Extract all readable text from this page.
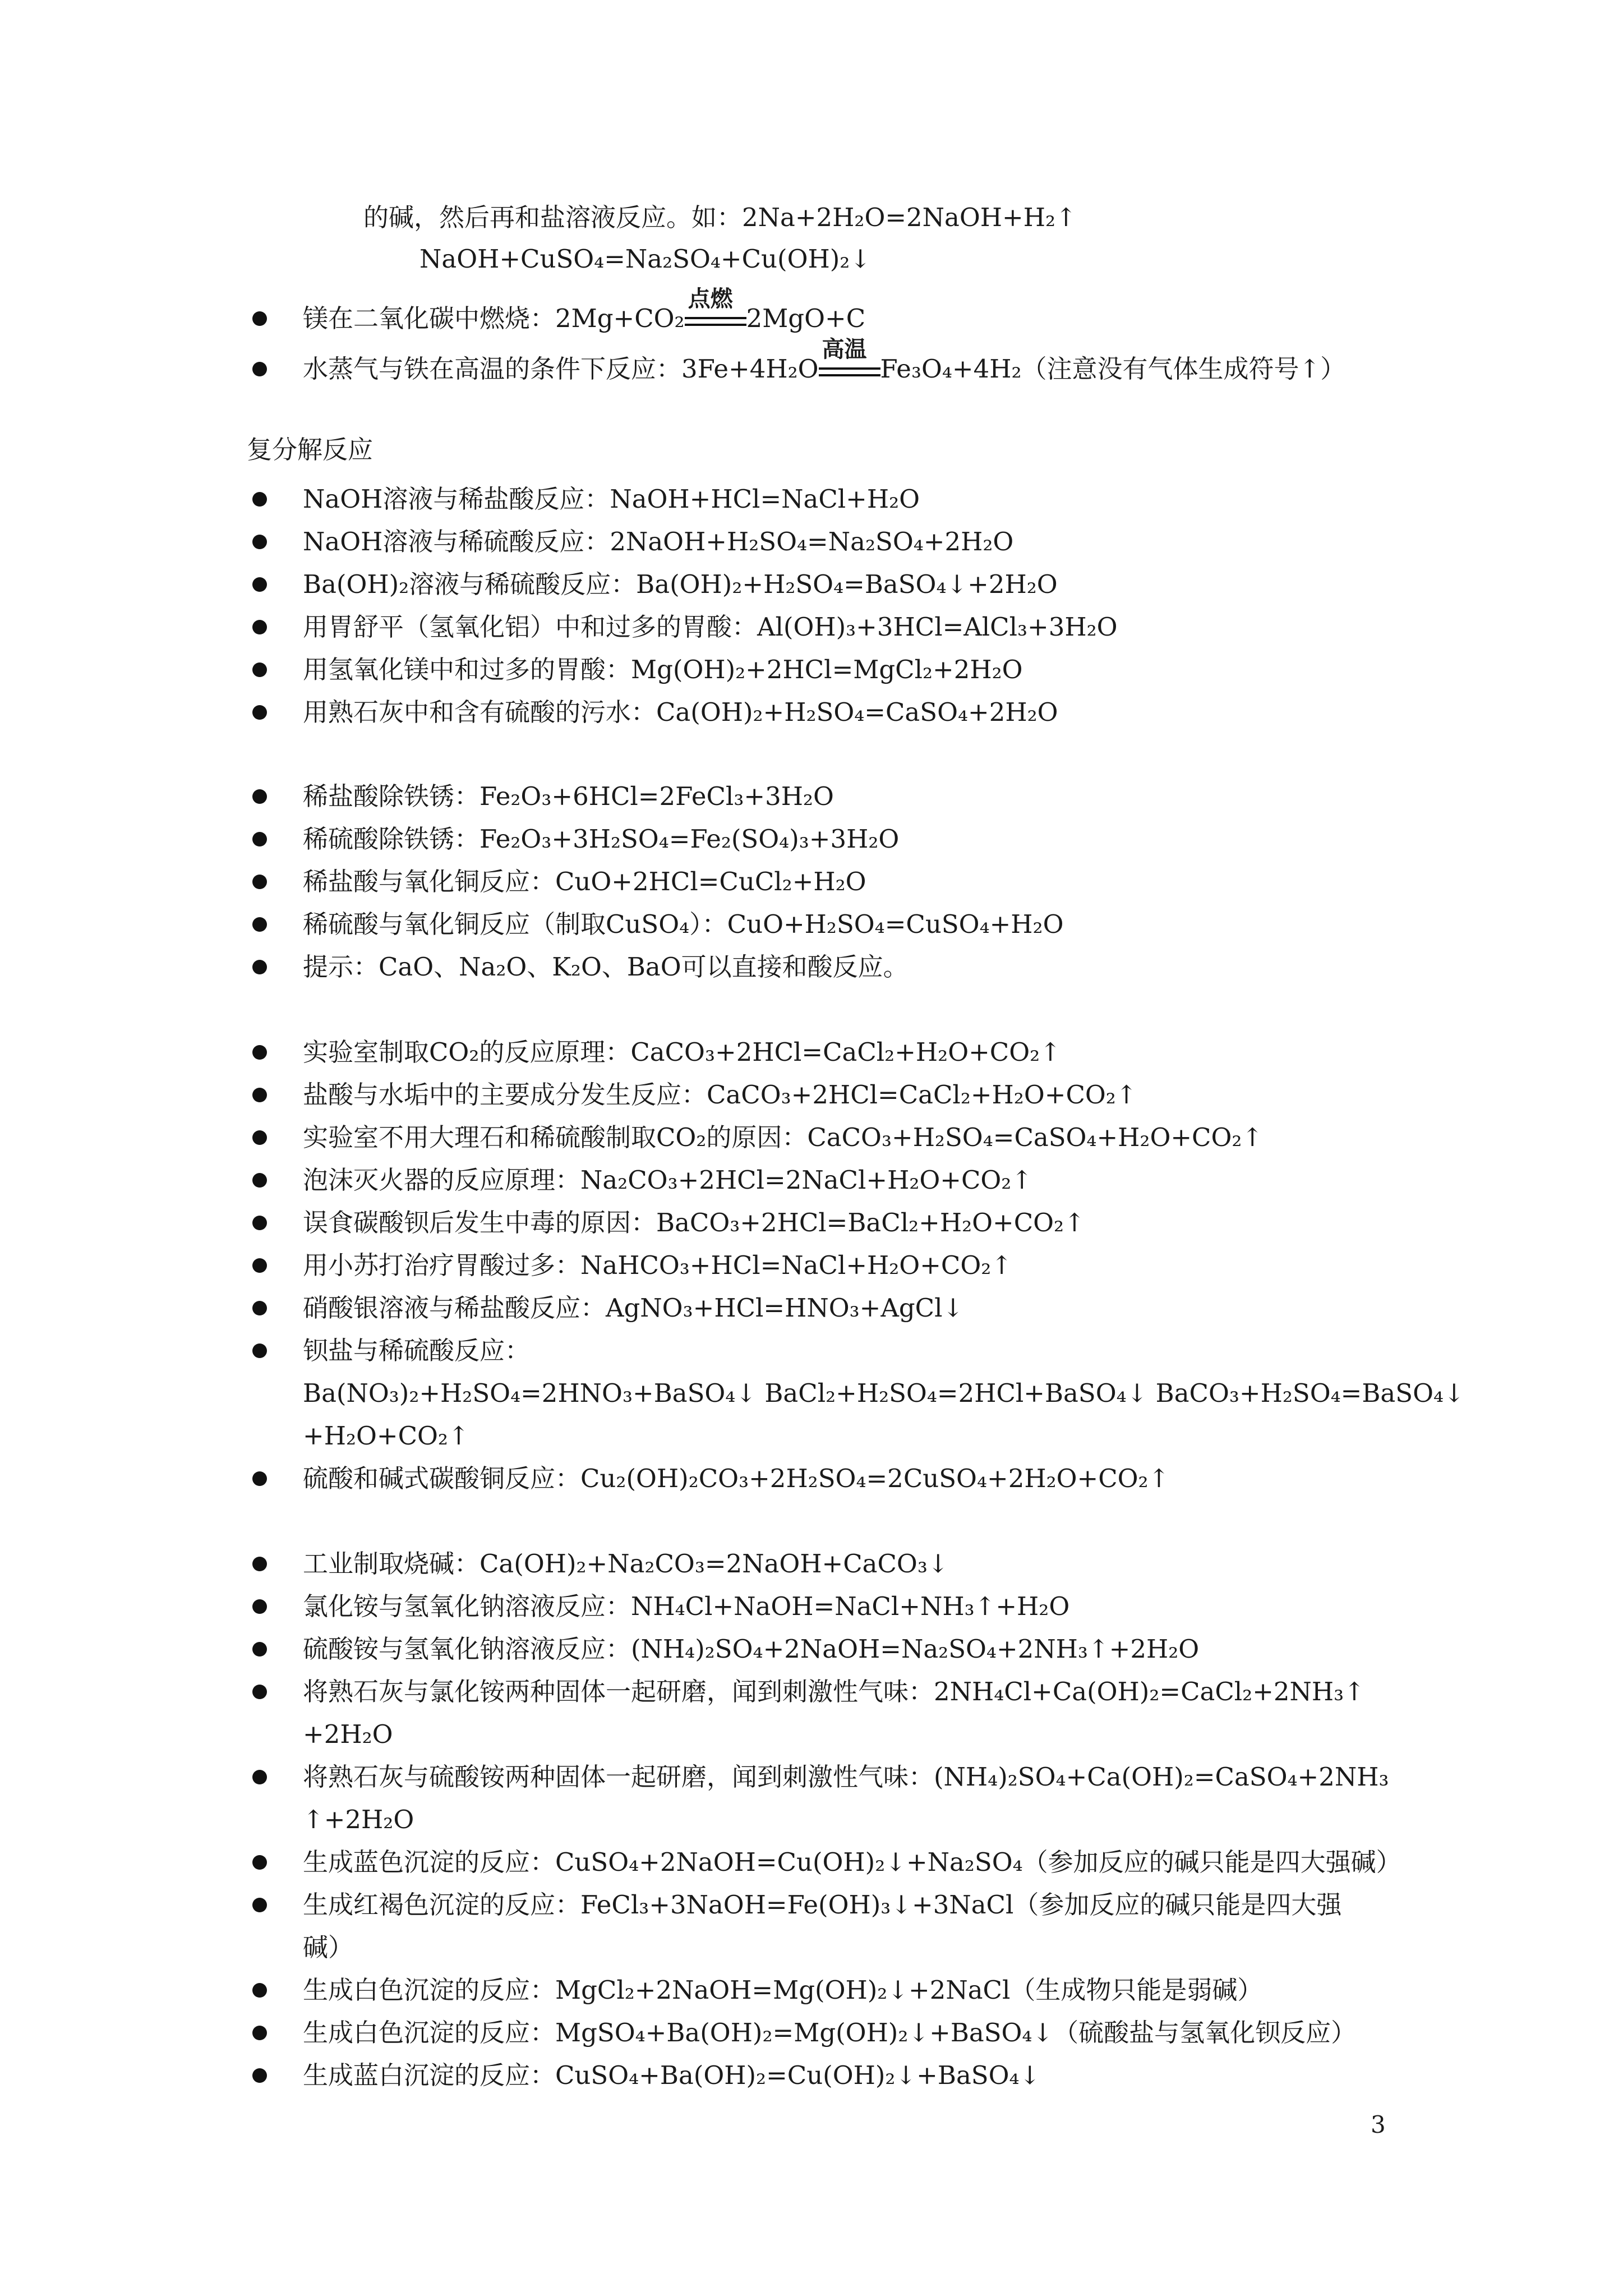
的碱，然后再和盐溶液反应。如：2Na+2H₂O=2NaOH+H₂↑
NaOH+CuSO₄=Na₂SO₄+Cu(OH)₂↓
镁在二氧化碳中燃烧：2Mg+CO₂
点燃
2MgO+C
水蒸气与铁在高温的条件下反应：3Fe+4H₂O
高温
Fe₃O₄+4H₂（注意没有气体生成符号↑）
复分解反应
NaOH溶液与稀盐酸反应：NaOH+HCl=NaCl+H₂O
NaOH溶液与稀硫酸反应：2NaOH+H₂SO₄=Na₂SO₄+2H₂O
Ba(OH)₂溶液与稀硫酸反应：Ba(OH)₂+H₂SO₄=BaSO₄↓+2H₂O
用胃舒平（氢氧化铝）中和过多的胃酸：Al(OH)₃+3HCl=AlCl₃+3H₂O
用氢氧化镁中和过多的胃酸：Mg(OH)₂+2HCl=MgCl₂+2H₂O
用熟石灰中和含有硫酸的污水：Ca(OH)₂+H₂SO₄=CaSO₄+2H₂O
稀盐酸除铁锈：Fe₂O₃+6HCl=2FeCl₃+3H₂O
稀硫酸除铁锈：Fe₂O₃+3H₂SO₄=Fe₂(SO₄)₃+3H₂O
稀盐酸与氧化铜反应：CuO+2HCl=CuCl₂+H₂O
稀硫酸与氧化铜反应（制取CuSO₄）：CuO+H₂SO₄=CuSO₄+H₂O
提示：CaO、Na₂O、K₂O、BaO可以直接和酸反应。
实验室制取CO₂的反应原理：CaCO₃+2HCl=CaCl₂+H₂O+CO₂↑
盐酸与水垢中的主要成分发生反应：CaCO₃+2HCl=CaCl₂+H₂O+CO₂↑
实验室不用大理石和稀硫酸制取CO₂的原因：CaCO₃+H₂SO₄=CaSO₄+H₂O+CO₂↑
泡沫灭火器的反应原理：Na₂CO₃+2HCl=2NaCl+H₂O+CO₂↑
误食碳酸钡后发生中毒的原因：BaCO₃+2HCl=BaCl₂+H₂O+CO₂↑
用小苏打治疗胃酸过多：NaHCO₃+HCl=NaCl+H₂O+CO₂↑
硝酸银溶液与稀盐酸反应：AgNO₃+HCl=HNO₃+AgCl↓
钡盐与稀硫酸反应：
Ba(NO₃)₂+H₂SO₄=2HNO₃+BaSO₄↓ BaCl₂+H₂SO₄=2HCl+BaSO₄↓ BaCO₃+H₂SO₄=BaSO₄↓
+H₂O+CO₂↑
硫酸和碱式碳酸铜反应：Cu₂(OH)₂CO₃+2H₂SO₄=2CuSO₄+2H₂O+CO₂↑
工业制取烧碱：Ca(OH)₂+Na₂CO₃=2NaOH+CaCO₃↓
氯化铵与氢氧化钠溶液反应：NH₄Cl+NaOH=NaCl+NH₃↑+H₂O
硫酸铵与氢氧化钠溶液反应：(NH₄)₂SO₄+2NaOH=Na₂SO₄+2NH₃↑+2H₂O
将熟石灰与氯化铵两种固体一起研磨，闻到刺激性气味：2NH₄Cl+Ca(OH)₂=CaCl₂+2NH₃↑
+2H₂O
将熟石灰与硫酸铵两种固体一起研磨，闻到刺激性气味：(NH₄)₂SO₄+Ca(OH)₂=CaSO₄+2NH₃
↑+2H₂O
生成蓝色沉淀的反应：CuSO₄+2NaOH=Cu(OH)₂↓+Na₂SO₄（参加反应的碱只能是四大强碱）
生成红褐色沉淀的反应：FeCl₃+3NaOH=Fe(OH)₃↓+3NaCl（参加反应的碱只能是四大强
碱）
生成白色沉淀的反应：MgCl₂+2NaOH=Mg(OH)₂↓+2NaCl（生成物只能是弱碱）
生成白色沉淀的反应：MgSO₄+Ba(OH)₂=Mg(OH)₂↓+BaSO₄↓（硫酸盐与氢氧化钡反应）
生成蓝白沉淀的反应：CuSO₄+Ba(OH)₂=Cu(OH)₂↓+BaSO₄↓
3
